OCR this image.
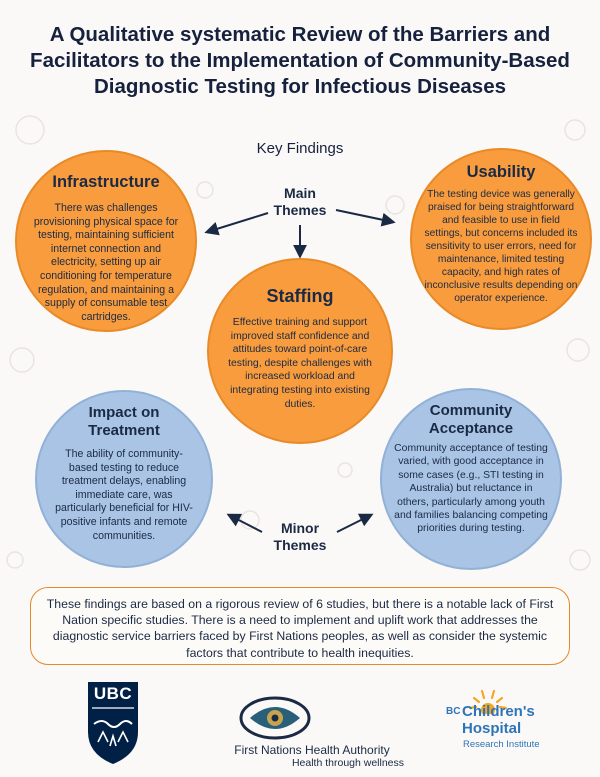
A Qualitative systematic Review of the Barriers and Facilitators to the Implementation of Community-Based Diagnostic Testing for Infectious Diseases
Key Findings
Main Themes
Minor Themes
Infrastructure
There was challenges provisioning physical space for testing, maintaining sufficient internet connection and electricity, setting up air conditioning for temperature regulation, and maintaining a supply of consumable test cartridges.
Usability
The testing device was generally praised for being straightforward and feasible to use in field settings, but concerns included its sensitivity to user errors, need for maintenance, limited testing capacity, and high rates of inconclusive results depending on operator experience.
Staffing
Effective training and support improved staff confidence and attitudes toward point-of-care testing, despite challenges with increased workload and integrating testing into existing duties.
Impact on Treatment
The ability of community-based testing to reduce treatment delays, enabling immediate care, was particularly beneficial for HIV-positive infants and remote communities.
Community Acceptance
Community acceptance of testing varied, with good acceptance in some cases (e.g., STI testing in Australia) but reluctance in others, particularly among youth and families balancing competing priorities during testing.
These findings are based on a rigorous review of 6 studies, but there is a notable lack of First Nation specific studies. There is a need to implement and uplift work that addresses the diagnostic service barriers faced by First Nations peoples, as well as consider the systemic factors that contribute to health inequities.
UBC
First Nations Health Authority
Health through wellness
BC Children's Hospital
Research Institute
